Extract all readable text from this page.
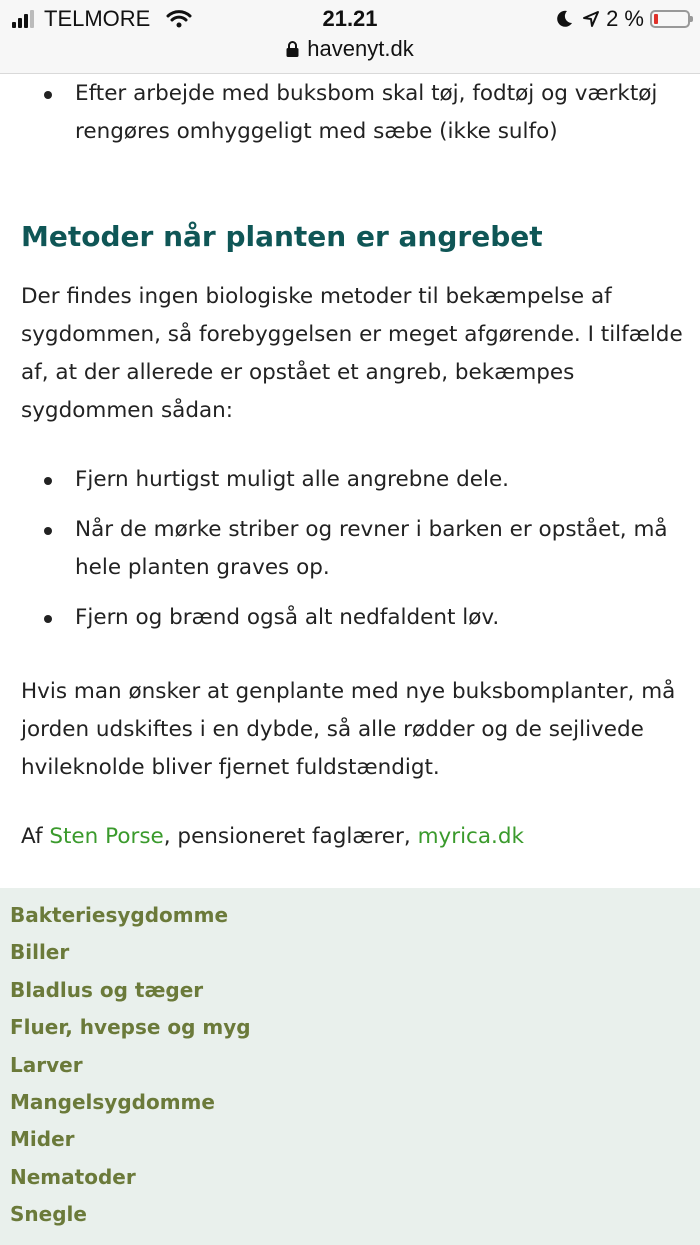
TELMORE	21.21	2 %
havenyt.dk
Efter arbejde med buksbom skal tøj, fodtøj og værktøj rengøres omhyggeligt med sæbe (ikke sulfo)
Metoder når planten er angrebet

Der findes ingen biologiske metoder til bekæmpelse af sygdommen, så forebyggelsen er meget afgørende. I tilfælde af, at der allerede er opstået et angreb, bekæmpes sygdommen sådan:

Fjern hurtigst muligt alle angrebne dele.
Når de mørke striber og revner i barken er opstået, må hele planten graves op.
Fjern og brænd også alt nedfaldent løv.

Hvis man ønsker at genplante med nye buksbomplanter, må jorden udskiftes i en dybde, så alle rødder og de sejlivede hvileknolde bliver fjernet fuldstændigt.

Af Sten Porse, pensioneret faglærer, myrica.dk

Bakteriesygdomme
Biller
Bladlus og tæger
Fluer, hvepse og myg
Larver
Mangelsygdomme
Mider
Nematoder
Snegle
